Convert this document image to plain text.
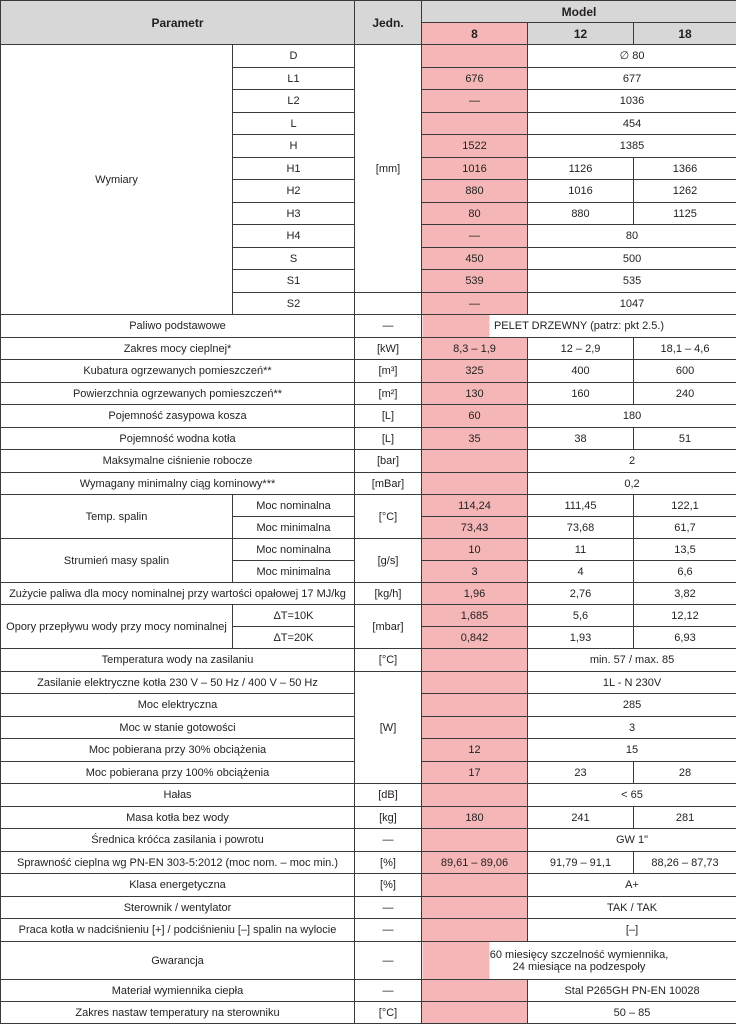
Parametr		Jedn.	Model		
			8	12	18
Wymiary	D	[mm]		∅ 80	
	L1		676	677	
	L2		—	1036	
	L			454	
	H		1522	1385	
	H1		1016	1126	1366
	H2		880	1016	1262
	H3		80	880	1125
	H4		—	80	
	S		450	500	
	S1		539	535	
	S2		—	1047	
Paliwo podstawowe		—	PELET DRZEWNY (patrz: pkt 2.5.)		
Zakres mocy cieplnej*		[kW]	8,3 – 1,9	12 – 2,9	18,1 – 4,6
Kubatura ogrzewanych pomieszczeń**		[m³]	325	400	600
Powierzchnia ogrzewanych pomieszczeń**		[m²]	130	160	240
Pojemność zasypowa kosza		[L]	60	180	
Pojemność wodna kotła		[L]	35	38	51
Maksymalne ciśnienie robocze		[bar]		2	
Wymagany minimalny ciąg kominowy***		[mBar]		0,2	
Temp. spalin	Moc nominalna	[°C]	114,24	111,45	122,1
	Moc minimalna		73,43	73,68	61,7
Strumień masy spalin	Moc nominalna	[g/s]	10	11	13,5
	Moc minimalna		3	4	6,6
Zużycie paliwa dla mocy nominalnej przy wartości opałowej 17 MJ/kg		[kg/h]	1,96	2,76	3,82
Opory przepływu wody przy mocy nominalnej	ΔT=10K	[mbar]	1,685	5,6	12,12
	ΔT=20K		0,842	1,93	6,93
Temperatura wody na zasilaniu		[°C]		min. 57 / max. 85	
Zasilanie elektryczne kotła 230 V – 50 Hz / 400 V – 50 Hz		[W]		1L - N 230V	
Moc elektryczna				285	
Moc w stanie gotowości				3	
Moc pobierana przy 30% obciążenia			12	15	
Moc pobierana przy 100% obciążenia			17	23	28
Hałas		[dB]		< 65	
Masa kotła bez wody		[kg]	180	241	281
Średnica króćca zasilania i powrotu		—		GW 1"	
Sprawność cieplna wg PN-EN 303-5:2012 (moc nom. – moc min.)		[%]	89,61 – 89,06	91,79 – 91,1	88,26 – 87,73
Klasa energetyczna		[%]		A+	
Sterownik / wentylator		—		TAK / TAK	
Praca kotła w nadciśnieniu [+] / podciśnieniu [–] spalin na wylocie		—		[–]	
Gwarancja		—	60 miesięcy szczelność wymiennika,
24 miesiące na podzespoły		

Materiał wymiennika ciepła		—		Stal P265GH PN-EN 10028	
Zakres nastaw temperatury na sterowniku		[°C]		50 – 85	
